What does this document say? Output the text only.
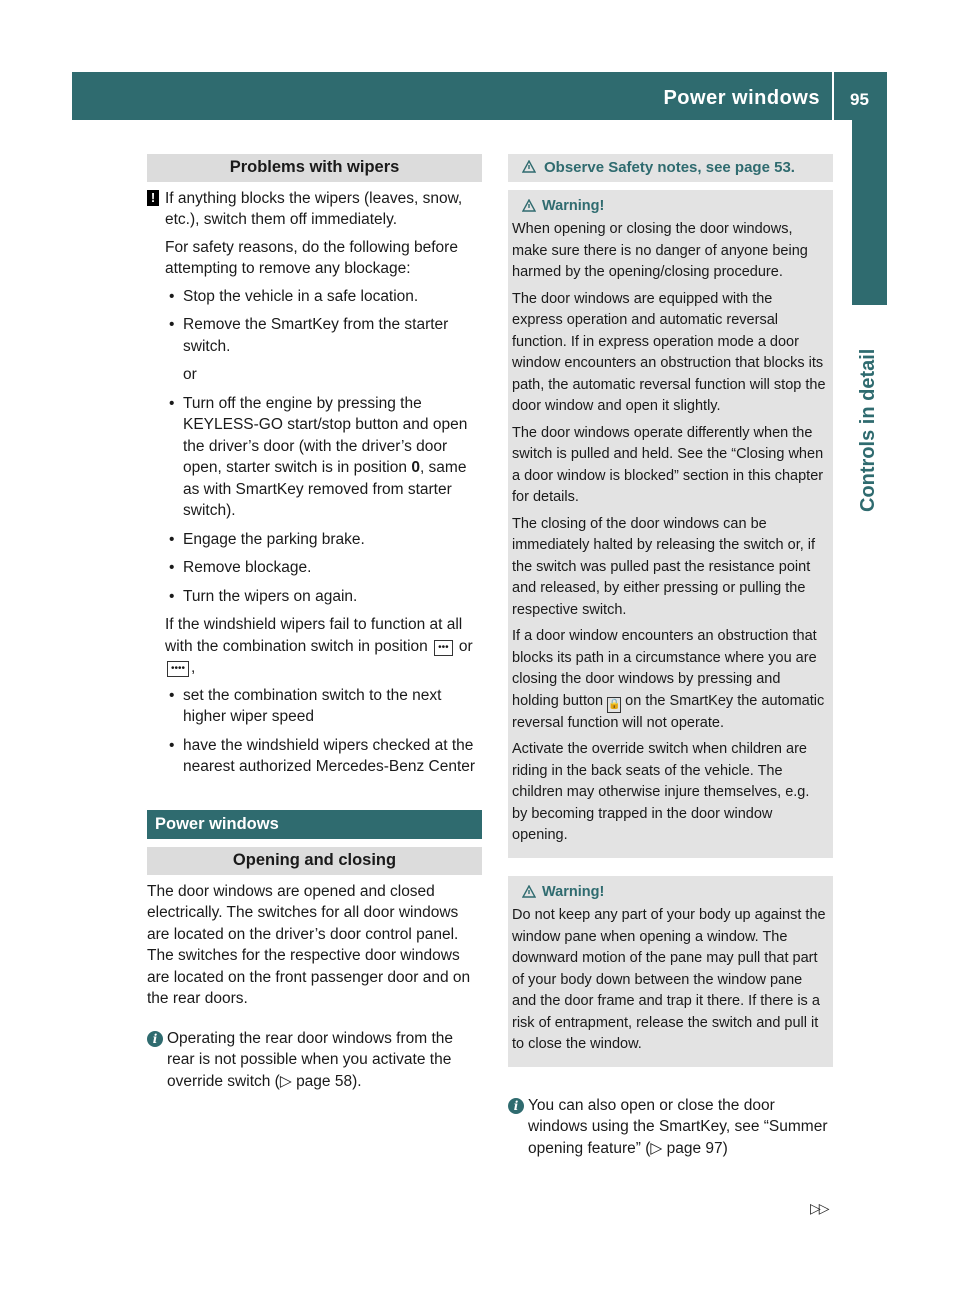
Power windows 95
Controls in detail
Problems with wipers
! If anything blocks the wipers (leaves, snow, etc.), switch them off immediately.
For safety reasons, do the following before attempting to remove any blockage:
• Stop the vehicle in a safe location.
• Remove the SmartKey from the starter switch.
or
• Turn off the engine by pressing the KEYLESS-GO start/stop button and open the driver’s door (with the driver’s door open, starter switch is in position 0, same as with SmartKey removed from starter switch).
• Engage the parking brake.
• Remove blockage.
• Turn the wipers on again.
If the windshield wipers fail to function at all with the combination switch in position ••• or •••• ,
• set the combination switch to the next higher wiper speed
• have the windshield wipers checked at the nearest authorized Mercedes-Benz Center
Power windows
Opening and closing
The door windows are opened and closed electrically. The switches for all door windows are located on the driver’s door control panel. The switches for the respective door windows are located on the front passenger door and on the rear doors.
i Operating the rear door windows from the rear is not possible when you activate the override switch (▷ page 58).
Observe Safety notes, see page 53.
Warning!
When opening or closing the door windows, make sure there is no danger of anyone being harmed by the opening/closing procedure.
The door windows are equipped with the express operation and automatic reversal function. If in express operation mode a door window encounters an obstruction that blocks its path, the automatic reversal function will stop the door window and open it slightly.
The door windows operate differently when the switch is pulled and held. See the “Closing when a door window is blocked” section in this chapter for details.
The closing of the door windows can be immediately halted by releasing the switch or, if the switch was pulled past the resistance point and released, by either pressing or pulling the respective switch.
If a door window encounters an obstruction that blocks its path in a circumstance where you are closing the door windows by pressing and holding button 🔒 on the SmartKey the automatic reversal function will not operate.
Activate the override switch when children are riding in the back seats of the vehicle. The children may otherwise injure themselves, e.g. by becoming trapped in the door window opening.
Warning!
Do not keep any part of your body up against the window pane when opening a window. The downward motion of the pane may pull that part of your body down between the window pane and the door frame and trap it there. If there is a risk of entrapment, release the switch and pull it to close the window.
i You can also open or close the door windows using the SmartKey, see “Summer opening feature” (▷ page 97)
▷▷
